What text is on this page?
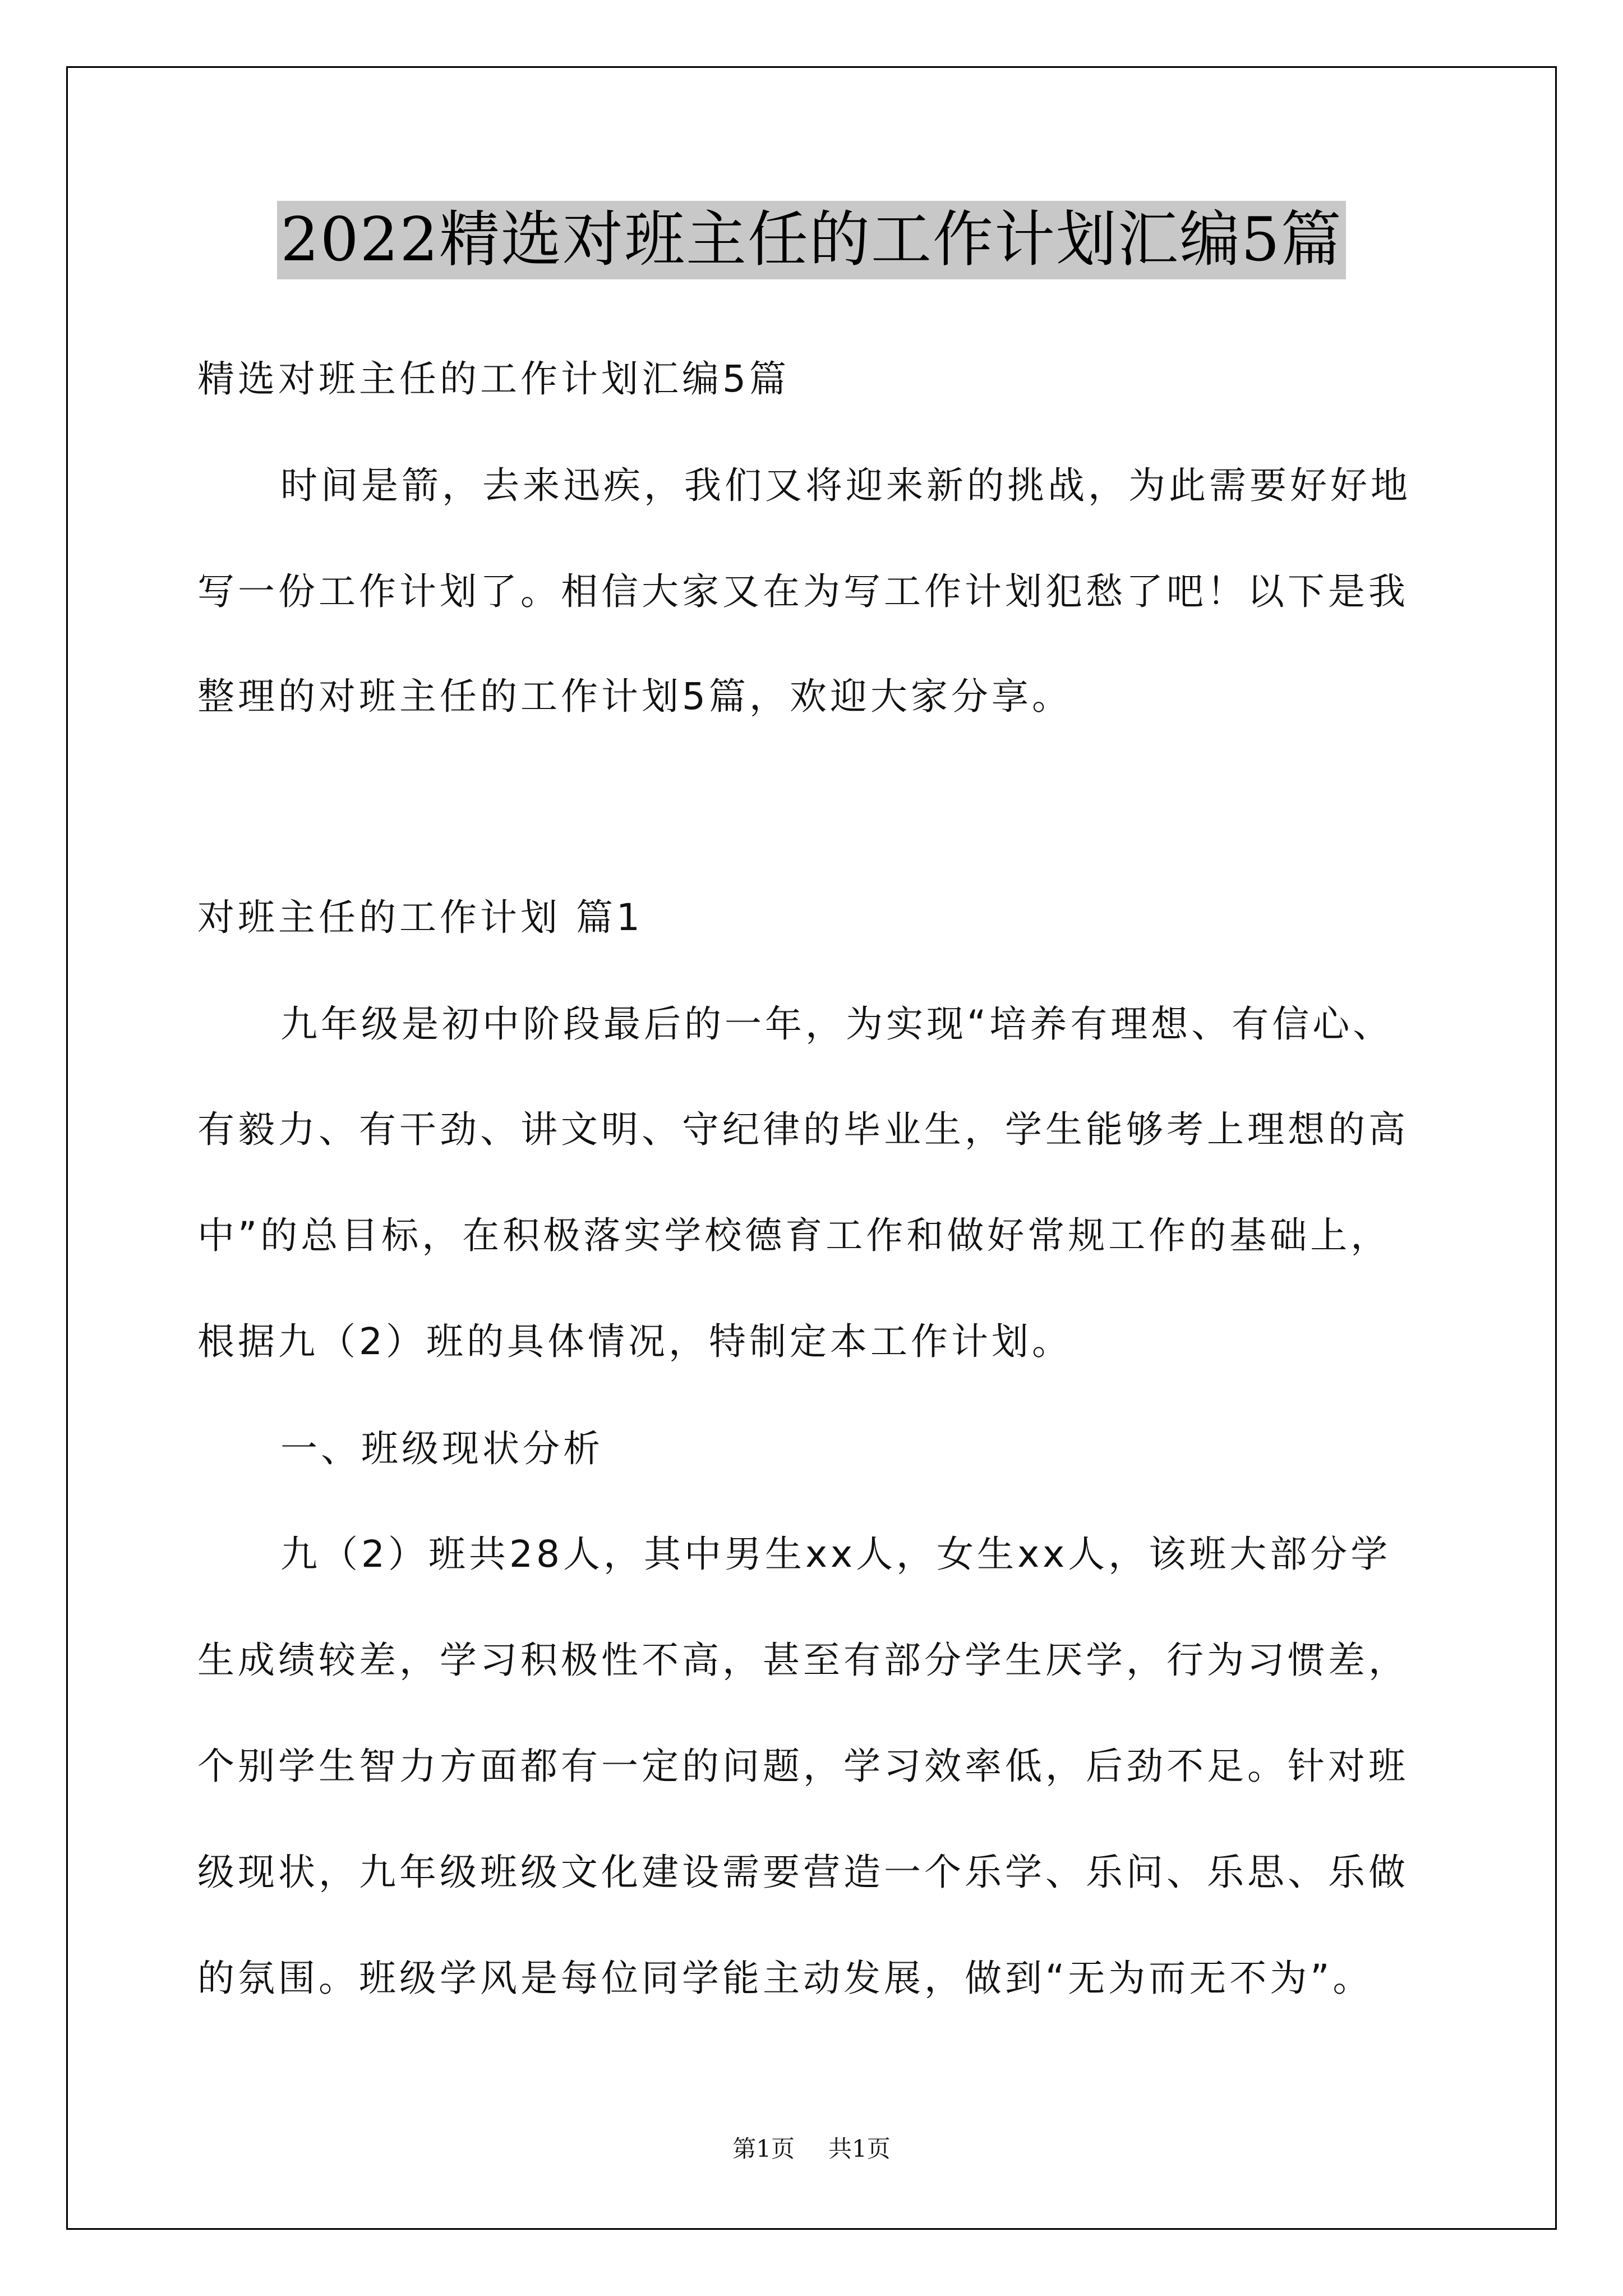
2022精选对班主任的工作计划汇编5篇
精选对班主任的工作计划汇编5篇
时间是箭，去来迅疾，我们又将迎来新的挑战，为此需要好好地
写一份工作计划了。相信大家又在为写工作计划犯愁了吧！以下是我
整理的对班主任的工作计划5篇，欢迎大家分享。
对班主任的工作计划 篇1
九年级是初中阶段最后的一年，为实现“培养有理想、有信心、
有毅力、有干劲、讲文明、守纪律的毕业生，学生能够考上理想的高
中”的总目标，在积极落实学校德育工作和做好常规工作的基础上，
根据九（2）班的具体情况，特制定本工作计划。
一、班级现状分析
九（2）班共28人，其中男生xx人，女生xx人，该班大部分学
生成绩较差，学习积极性不高，甚至有部分学生厌学，行为习惯差，
个别学生智力方面都有一定的问题，学习效率低，后劲不足。针对班
级现状，九年级班级文化建设需要营造一个乐学、乐问、乐思、乐做
的氛围。班级学风是每位同学能主动发展，做到“无为而无不为”。
第1页 共1页
